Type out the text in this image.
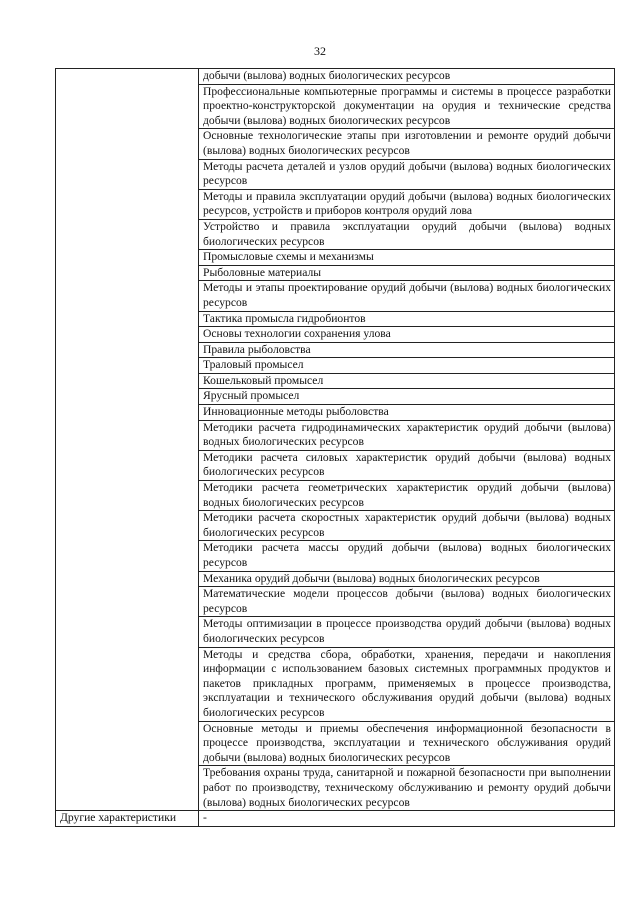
32
	добычи (вылова) водных биологических ресурсов
	Профессиональные компьютерные программы и системы в процессе разработки проектно-конструкторской документации на орудия и технические средства добычи (вылова) водных биологических ресурсов
	Основные технологические этапы при изготовлении и ремонте орудий добычи (вылова) водных биологических ресурсов
	Методы расчета деталей и узлов орудий добычи (вылова) водных биологических ресурсов
	Методы и правила эксплуатации орудий добычи (вылова) водных биологических ресурсов, устройств и приборов контроля орудий лова
	Устройство и правила эксплуатации орудий добычи (вылова) водных биологических ресурсов
	Промысловые схемы и механизмы
	Рыболовные материалы
	Методы и этапы проектирование орудий добычи (вылова) водных биологических ресурсов
	Тактика промысла гидробионтов
	Основы технологии сохранения улова
	Правила рыболовства
	Траловый промысел
	Кошельковый промысел
	Ярусный промысел
	Инновационные методы рыболовства
	Методики расчета гидродинамических характеристик орудий добычи (вылова) водных биологических ресурсов
	Методики расчета силовых характеристик орудий добычи (вылова) водных биологических ресурсов
	Методики расчета геометрических характеристик орудий добычи (вылова) водных биологических ресурсов
	Методики расчета скоростных характеристик орудий добычи (вылова) водных биологических ресурсов
	Методики расчета массы орудий добычи (вылова) водных биологических ресурсов
	Механика орудий добычи (вылова) водных биологических ресурсов
	Математические модели процессов добычи (вылова) водных биологических ресурсов
	Методы оптимизации в процессе производства орудий добычи (вылова) водных биологических ресурсов
	Методы и средства сбора, обработки, хранения, передачи и накопления информации с использованием базовых системных программных продуктов и пакетов прикладных программ, применяемых в процессе производства, эксплуатации и технического обслуживания орудий добычи (вылова) водных биологических ресурсов
	Основные методы и приемы обеспечения информационной безопасности в процессе производства, эксплуатации и технического обслуживания орудий добычи (вылова) водных биологических ресурсов
	Требования охраны труда, санитарной и пожарной безопасности при выполнении работ по производству, техническому обслуживанию и ремонту орудий добычи (вылова) водных биологических ресурсов
Другие характеристики	-
